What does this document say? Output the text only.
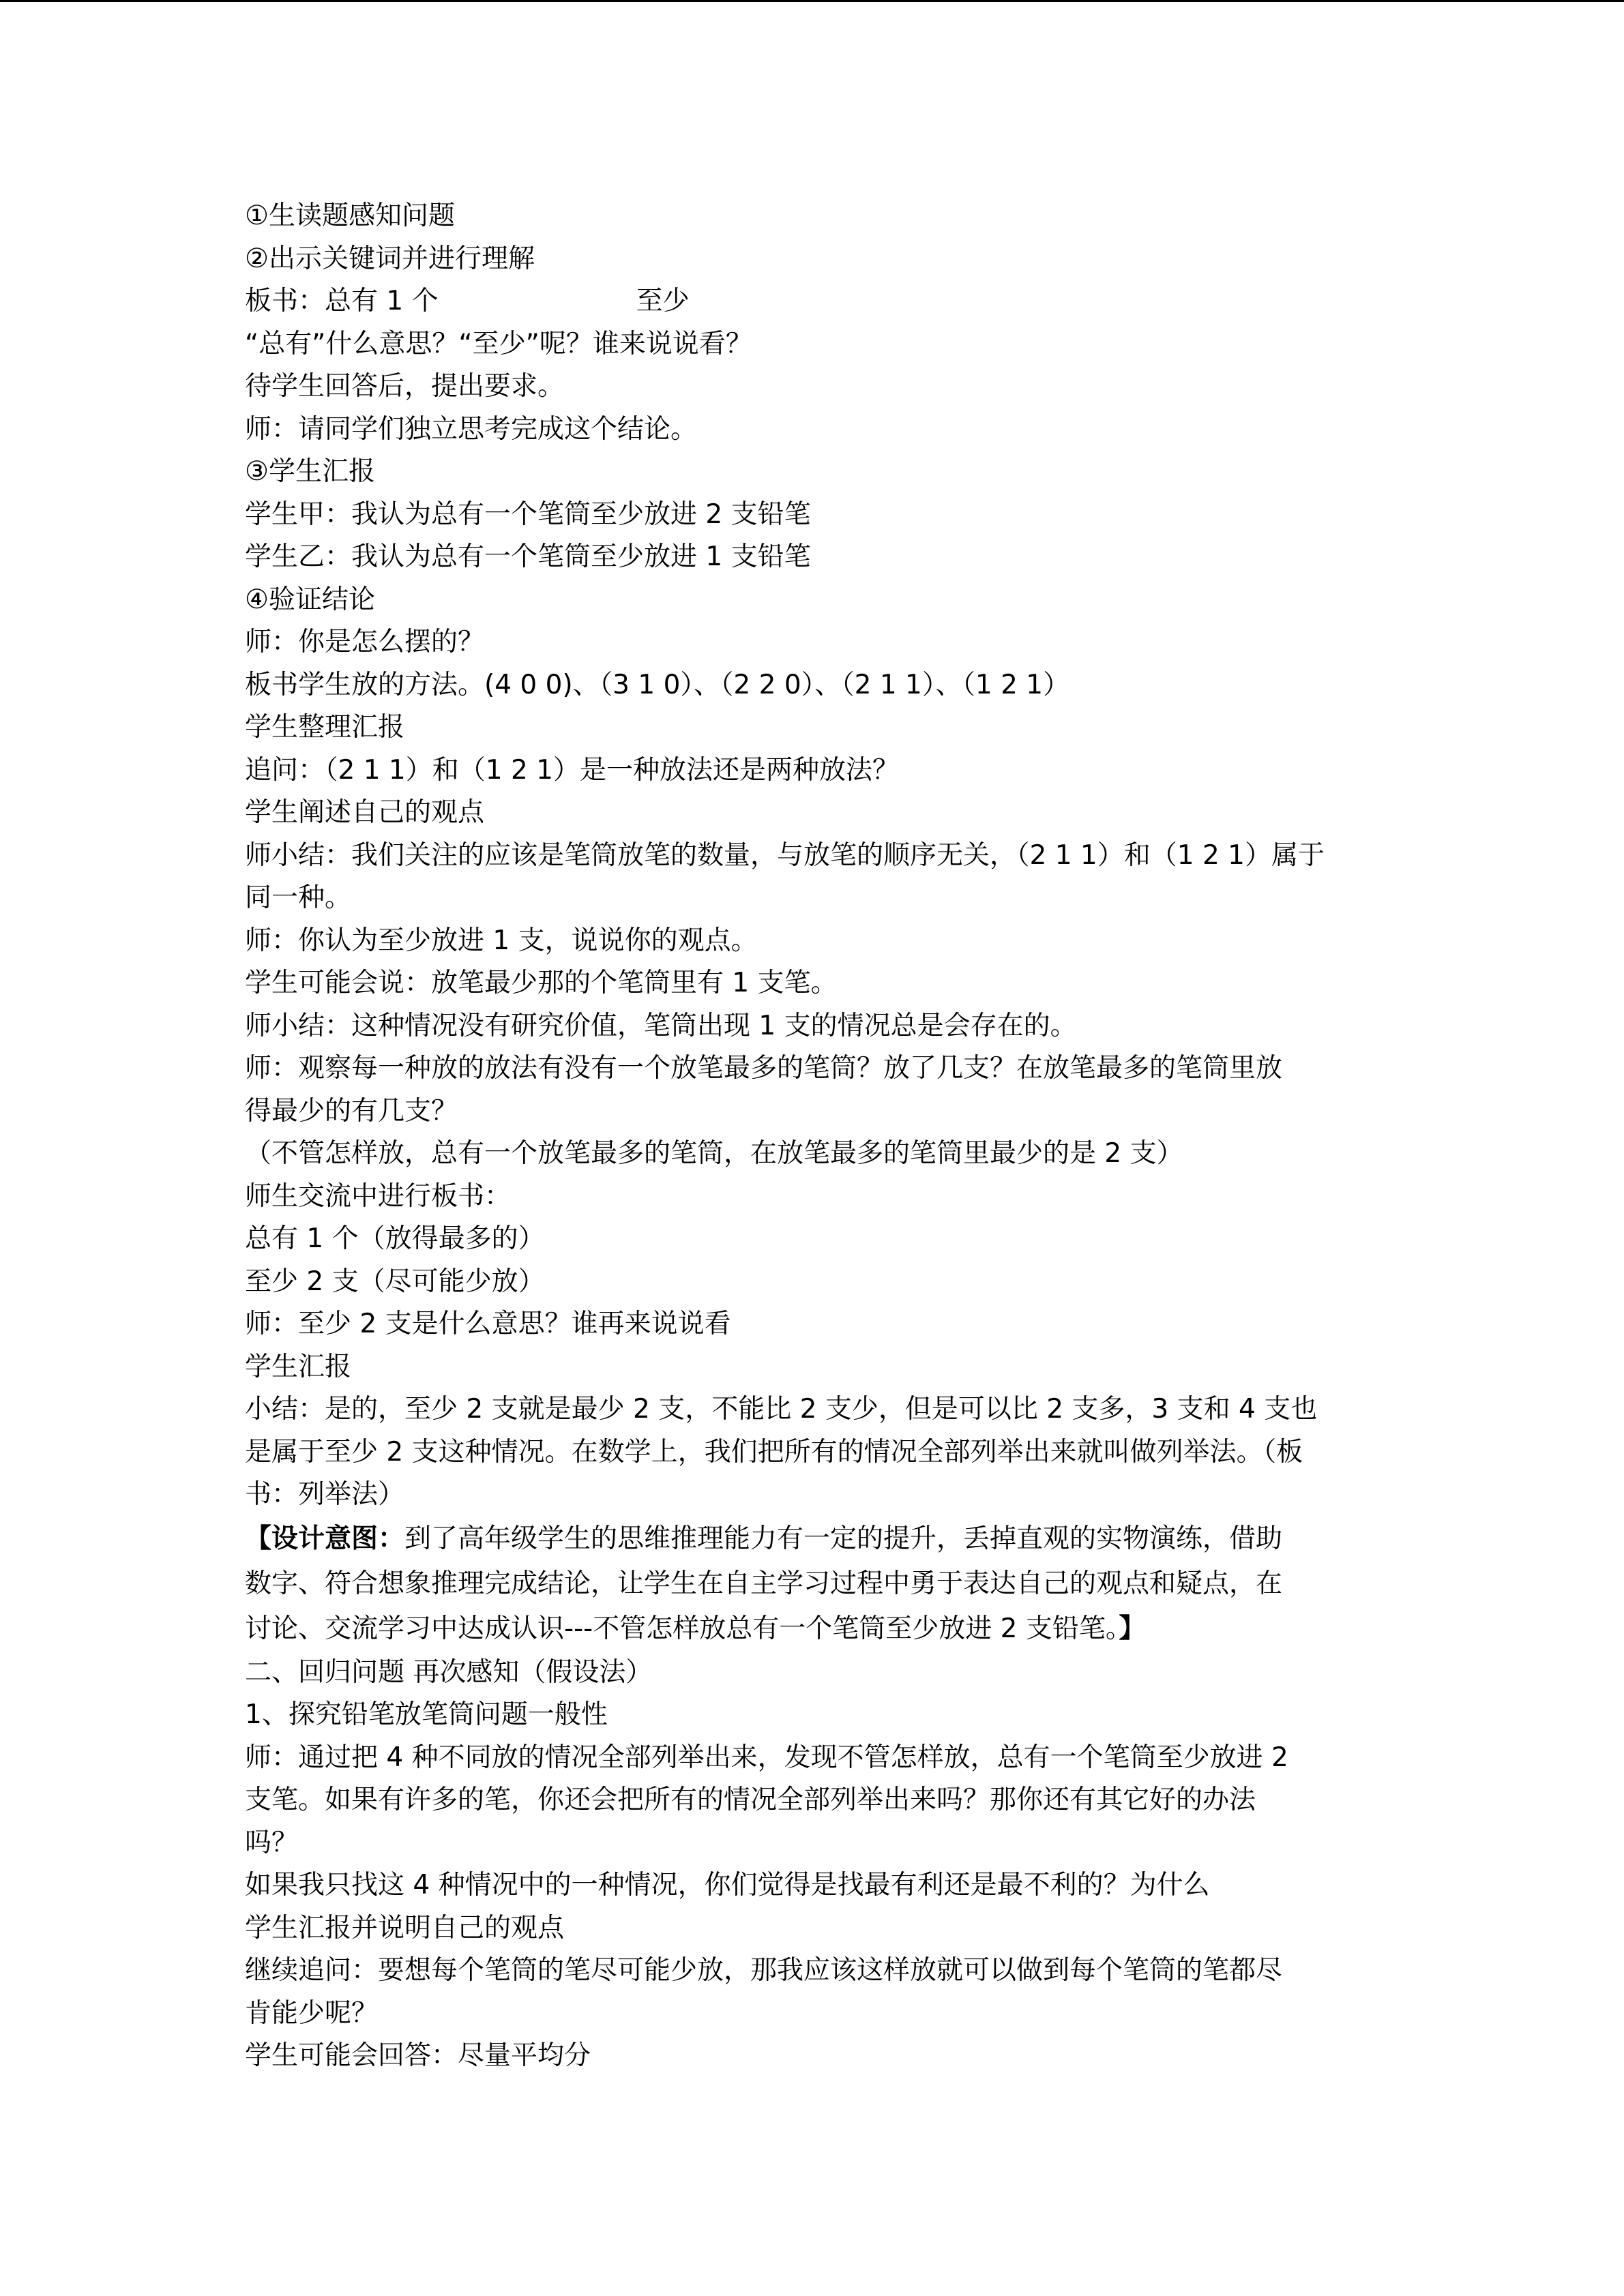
①生读题感知问题
②出示关键词并进行理解
板书：总有 1 个	至少
“总有”什么意思？“至少”呢？谁来说说看？
待学生回答后，提出要求。
师：请同学们独立思考完成这个结论。
③学生汇报
学生甲：我认为总有一个笔筒至少放进 2 支铅笔
学生乙：我认为总有一个笔筒至少放进 1 支铅笔
④验证结论
师：你是怎么摆的？
板书学生放的方法。(4 0 0)、（3 1 0）、（2 2 0）、（2 1 1）、（1 2 1）
学生整理汇报
追问：（2 1 1）和（1 2 1）是一种放法还是两种放法？
学生阐述自己的观点
师小结：我们关注的应该是笔筒放笔的数量，与放笔的顺序无关，（2 1 1）和（1 2 1）属于
同一种。
师：你认为至少放进 1 支，说说你的观点。
学生可能会说：放笔最少那的个笔筒里有 1 支笔。
师小结：这种情况没有研究价值，笔筒出现 1 支的情况总是会存在的。
师：观察每一种放的放法有没有一个放笔最多的笔筒？放了几支？在放笔最多的笔筒里放
得最少的有几支？
（不管怎样放，总有一个放笔最多的笔筒，在放笔最多的笔筒里最少的是 2 支）
师生交流中进行板书：
总有 1 个（放得最多的）
至少 2 支（尽可能少放）
师：至少 2 支是什么意思？谁再来说说看
学生汇报
小结：是的，至少 2 支就是最少 2 支，不能比 2 支少，但是可以比 2 支多，3 支和 4 支也
是属于至少 2 支这种情况。在数学上，我们把所有的情况全部列举出来就叫做列举法。（板
书：列举法）
【设计意图：到了高年级学生的思维推理能力有一定的提升，丢掉直观的实物演练，借助
数字、符合想象推理完成结论，让学生在自主学习过程中勇于表达自己的观点和疑点，在
讨论、交流学习中达成认识---不管怎样放总有一个笔筒至少放进 2 支铅笔。】
二、回归问题 再次感知（假设法）
1、探究铅笔放笔筒问题一般性
师：通过把 4 种不同放的情况全部列举出来，发现不管怎样放，总有一个笔筒至少放进 2
支笔。如果有许多的笔，你还会把所有的情况全部列举出来吗？那你还有其它好的办法
吗？
如果我只找这 4 种情况中的一种情况，你们觉得是找最有利还是最不利的？为什么
学生汇报并说明自己的观点
继续追问：要想每个笔筒的笔尽可能少放，那我应该这样放就可以做到每个笔筒的笔都尽
肯能少呢？
学生可能会回答：尽量平均分
